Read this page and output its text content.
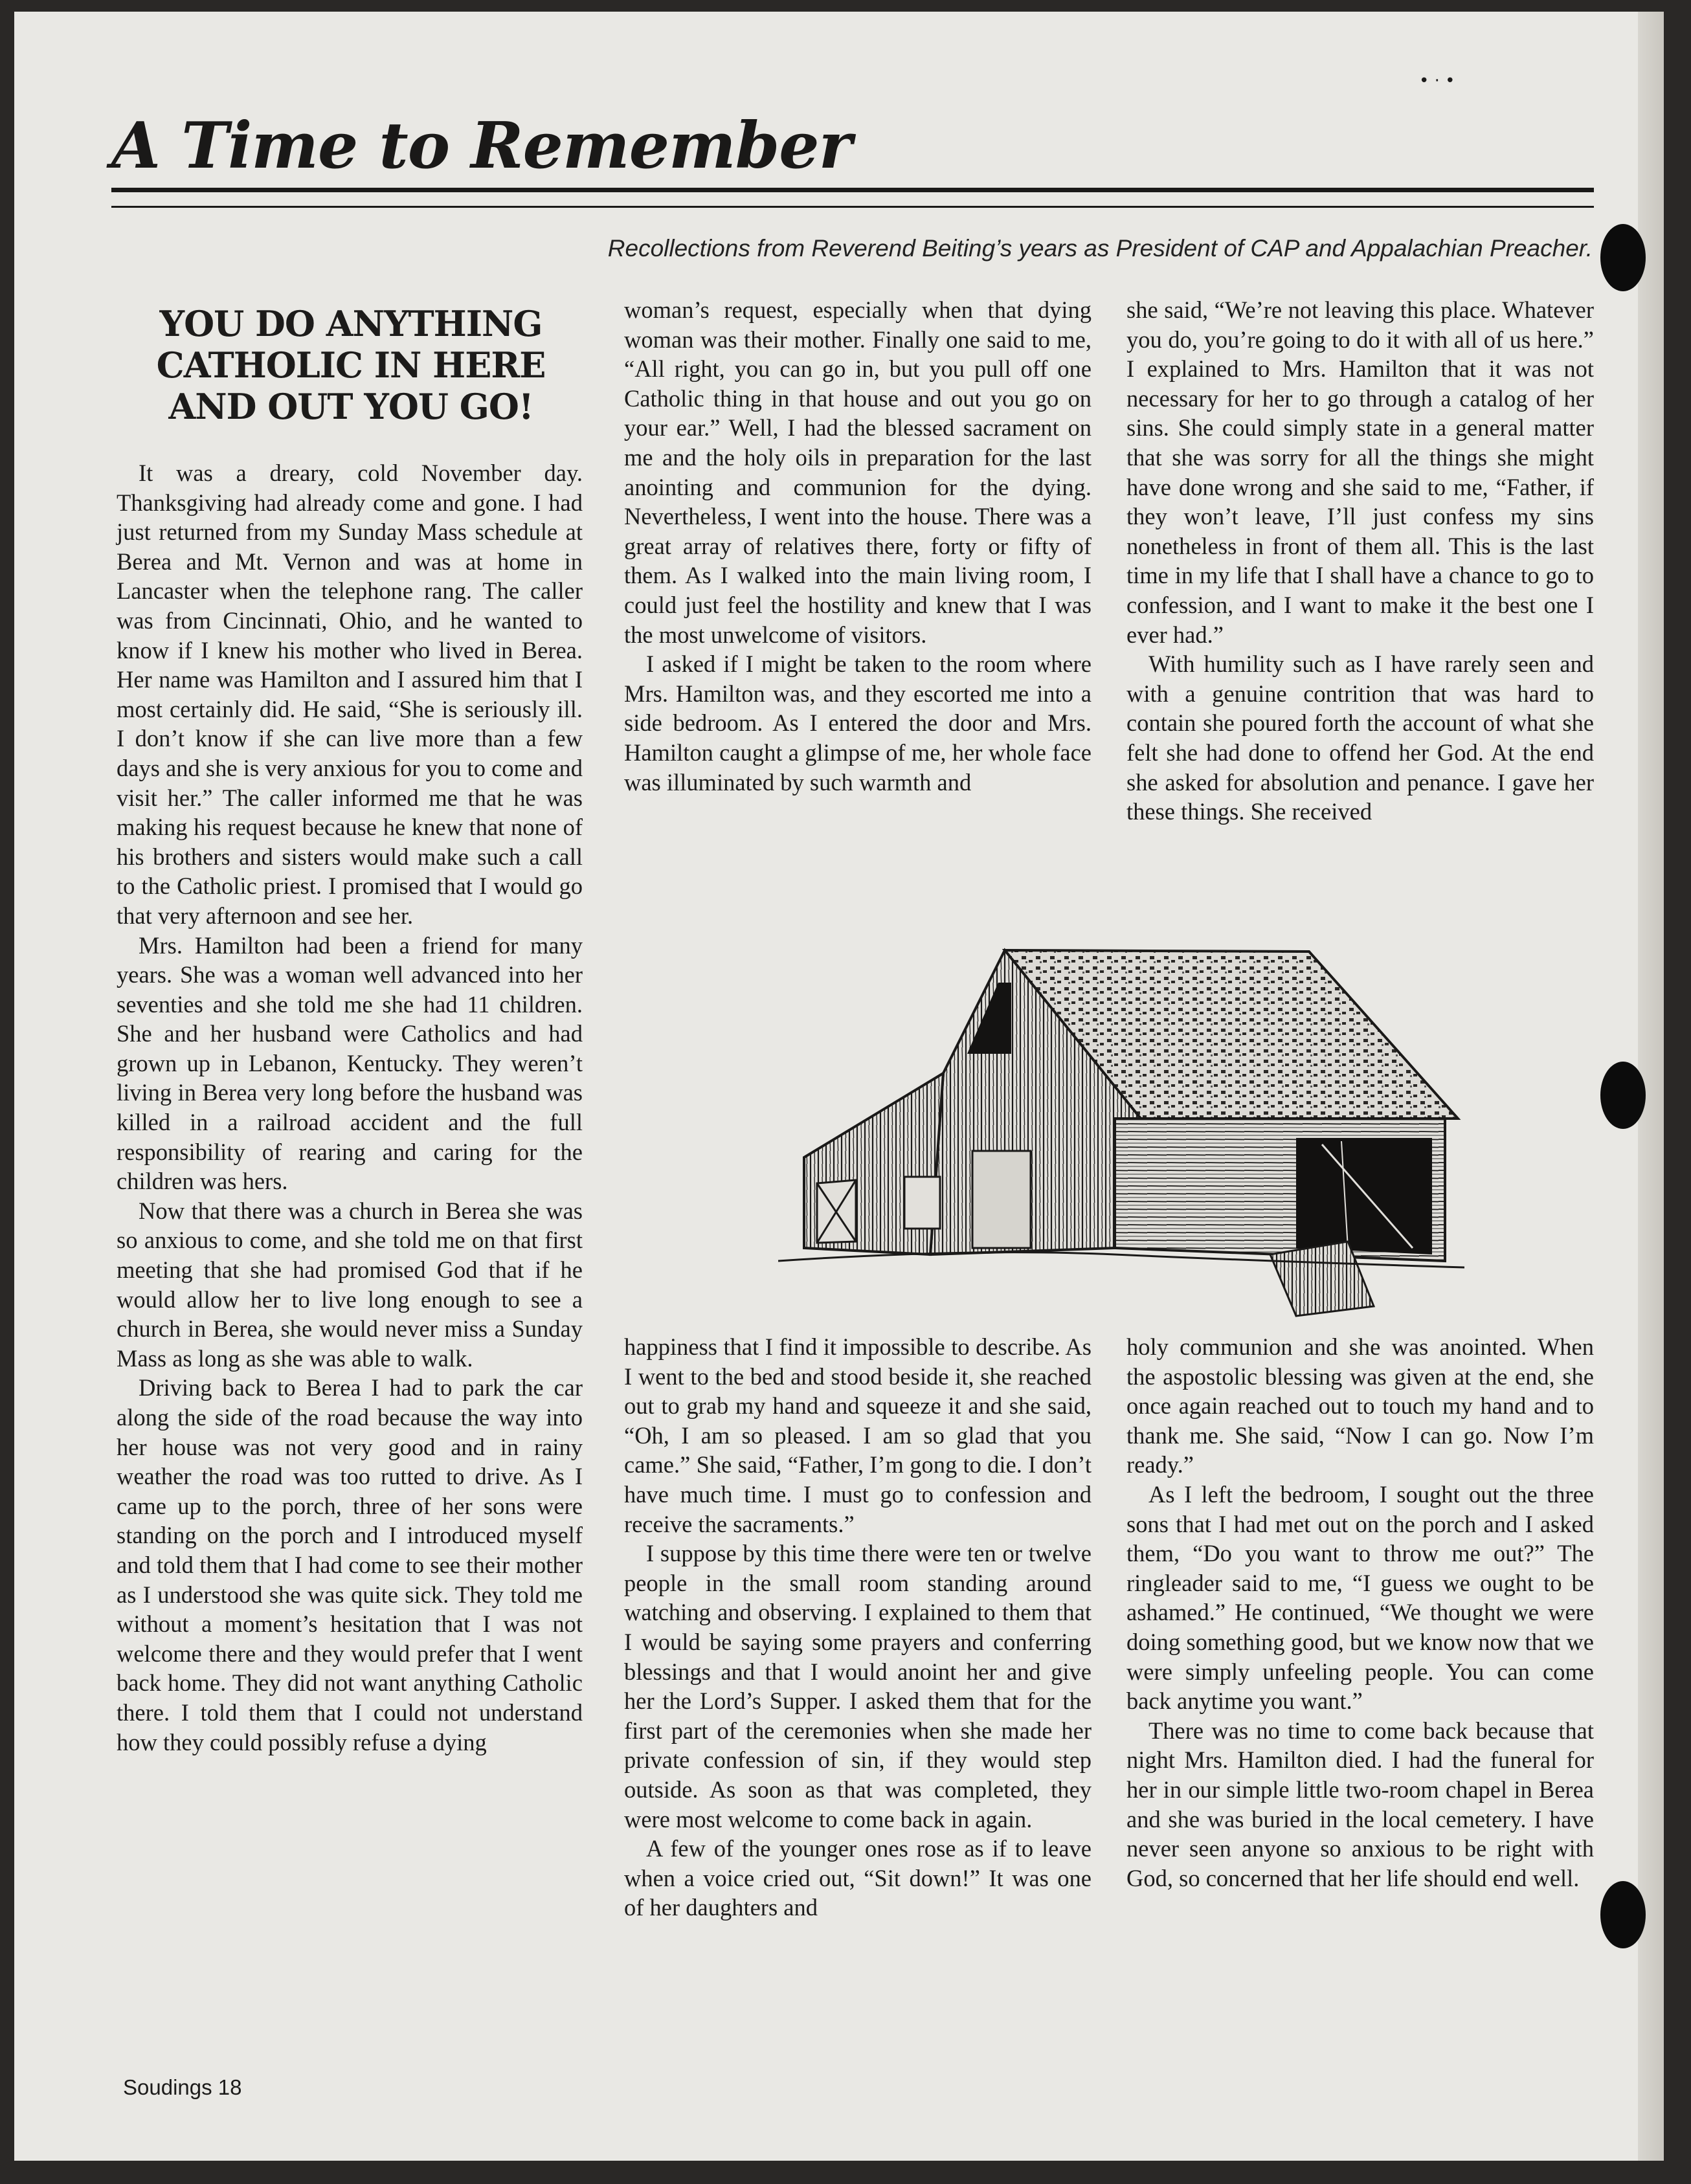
• · •
A Time to Remember
Recollections from Reverend Beiting’s years as President of CAP and Appalachian Preacher.
YOU DO ANYTHING CATHOLIC IN HERE AND OUT YOU GO!

It was a dreary, cold November day. Thanksgiving had already come and gone. I had just returned from my Sunday Mass schedule at Berea and Mt. Vernon and was at home in Lancaster when the telephone rang. The caller was from Cincinnati, Ohio, and he wanted to know if I knew his mother who lived in Berea. Her name was Hamilton and I assured him that I most certainly did. He said, “She is seriously ill. I don’t know if she can live more than a few days and she is very anxious for you to come and visit her.” The caller informed me that he was making his request because he knew that none of his brothers and sisters would make such a call to the Catholic priest. I promised that I would go that very afternoon and see her.

Mrs. Hamilton had been a friend for many years. She was a woman well advanced into her seventies and she told me she had 11 children. She and her husband were Catholics and had grown up in Lebanon, Kentucky. They weren’t living in Berea very long before the husband was killed in a railroad accident and the full responsibility of rearing and caring for the children was hers.

Now that there was a church in Berea she was so anxious to come, and she told me on that first meeting that she had promised God that if he would allow her to live long enough to see a church in Berea, she would never miss a Sunday Mass as long as she was able to walk.

Driving back to Berea I had to park the car along the side of the road because the way into her house was not very good and in rainy weather the road was too rutted to drive. As I came up to the porch, three of her sons were standing on the porch and I introduced myself and told them that I had come to see their mother as I understood she was quite sick. They told me without a moment’s hesitation that I was not welcome there and they would prefer that I went back home. They did not want anything Catholic there. I told them that I could not understand how they could possibly refuse a dying

woman’s request, especially when that dying woman was their mother. Finally one said to me, “All right, you can go in, but you pull off one Catholic thing in that house and out you go on your ear.” Well, I had the blessed sacrament on me and the holy oils in preparation for the last anointing and communion for the dying. Nevertheless, I went into the house. There was a great array of relatives there, forty or fifty of them. As I walked into the main living room, I could just feel the hostility and knew that I was the most unwelcome of visitors.

I asked if I might be taken to the room where Mrs. Hamilton was, and they escorted me into a side bedroom. As I entered the door and Mrs. Hamilton caught a glimpse of me, her whole face was illuminated by such warmth and

she said, “We’re not leaving this place. Whatever you do, you’re going to do it with all of us here.” I explained to Mrs. Hamilton that it was not necessary for her to go through a catalog of her sins. She could simply state in a general matter that she was sorry for all the things she might have done wrong and she said to me, “Father, if they won’t leave, I’ll just confess my sins nonetheless in front of them all. This is the last time in my life that I shall have a chance to go to confession, and I want to make it the best one I ever had.”

With humility such as I have rarely seen and with a genuine contrition that was hard to contain she poured forth the account of what she felt she had done to offend her God. At the end she asked for absolution and penance. I gave her these things. She received

happiness that I find it impossible to describe. As I went to the bed and stood beside it, she reached out to grab my hand and squeeze it and she said, “Oh, I am so pleased. I am so glad that you came.” She said, “Father, I’m gong to die. I don’t have much time. I must go to confession and receive the sacraments.”

I suppose by this time there were ten or twelve people in the small room standing around watching and observing. I explained to them that I would be saying some prayers and conferring blessings and that I would anoint her and give her the Lord’s Supper. I asked them that for the first part of the ceremonies when she made her private confession of sin, if they would step outside. As soon as that was completed, they were most welcome to come back in again.

A few of the younger ones rose as if to leave when a voice cried out, “Sit down!” It was one of her daughters and

holy communion and she was anointed. When the aspostolic blessing was given at the end, she once again reached out to touch my hand and to thank me. She said, “Now I can go. Now I’m ready.”

As I left the bedroom, I sought out the three sons that I had met out on the porch and I asked them, “Do you want to throw me out?” The ringleader said to me, “I guess we ought to be ashamed.” He continued, “We thought we were doing something good, but we know now that we were simply unfeeling people. You can come back anytime you want.”

There was no time to come back because that night Mrs. Hamilton died. I had the funeral for her in our simple little two-room chapel in Berea and she was buried in the local cemetery. I have never seen anyone so anxious to be right with God, so concerned that her life should end well.

Soudings 18
